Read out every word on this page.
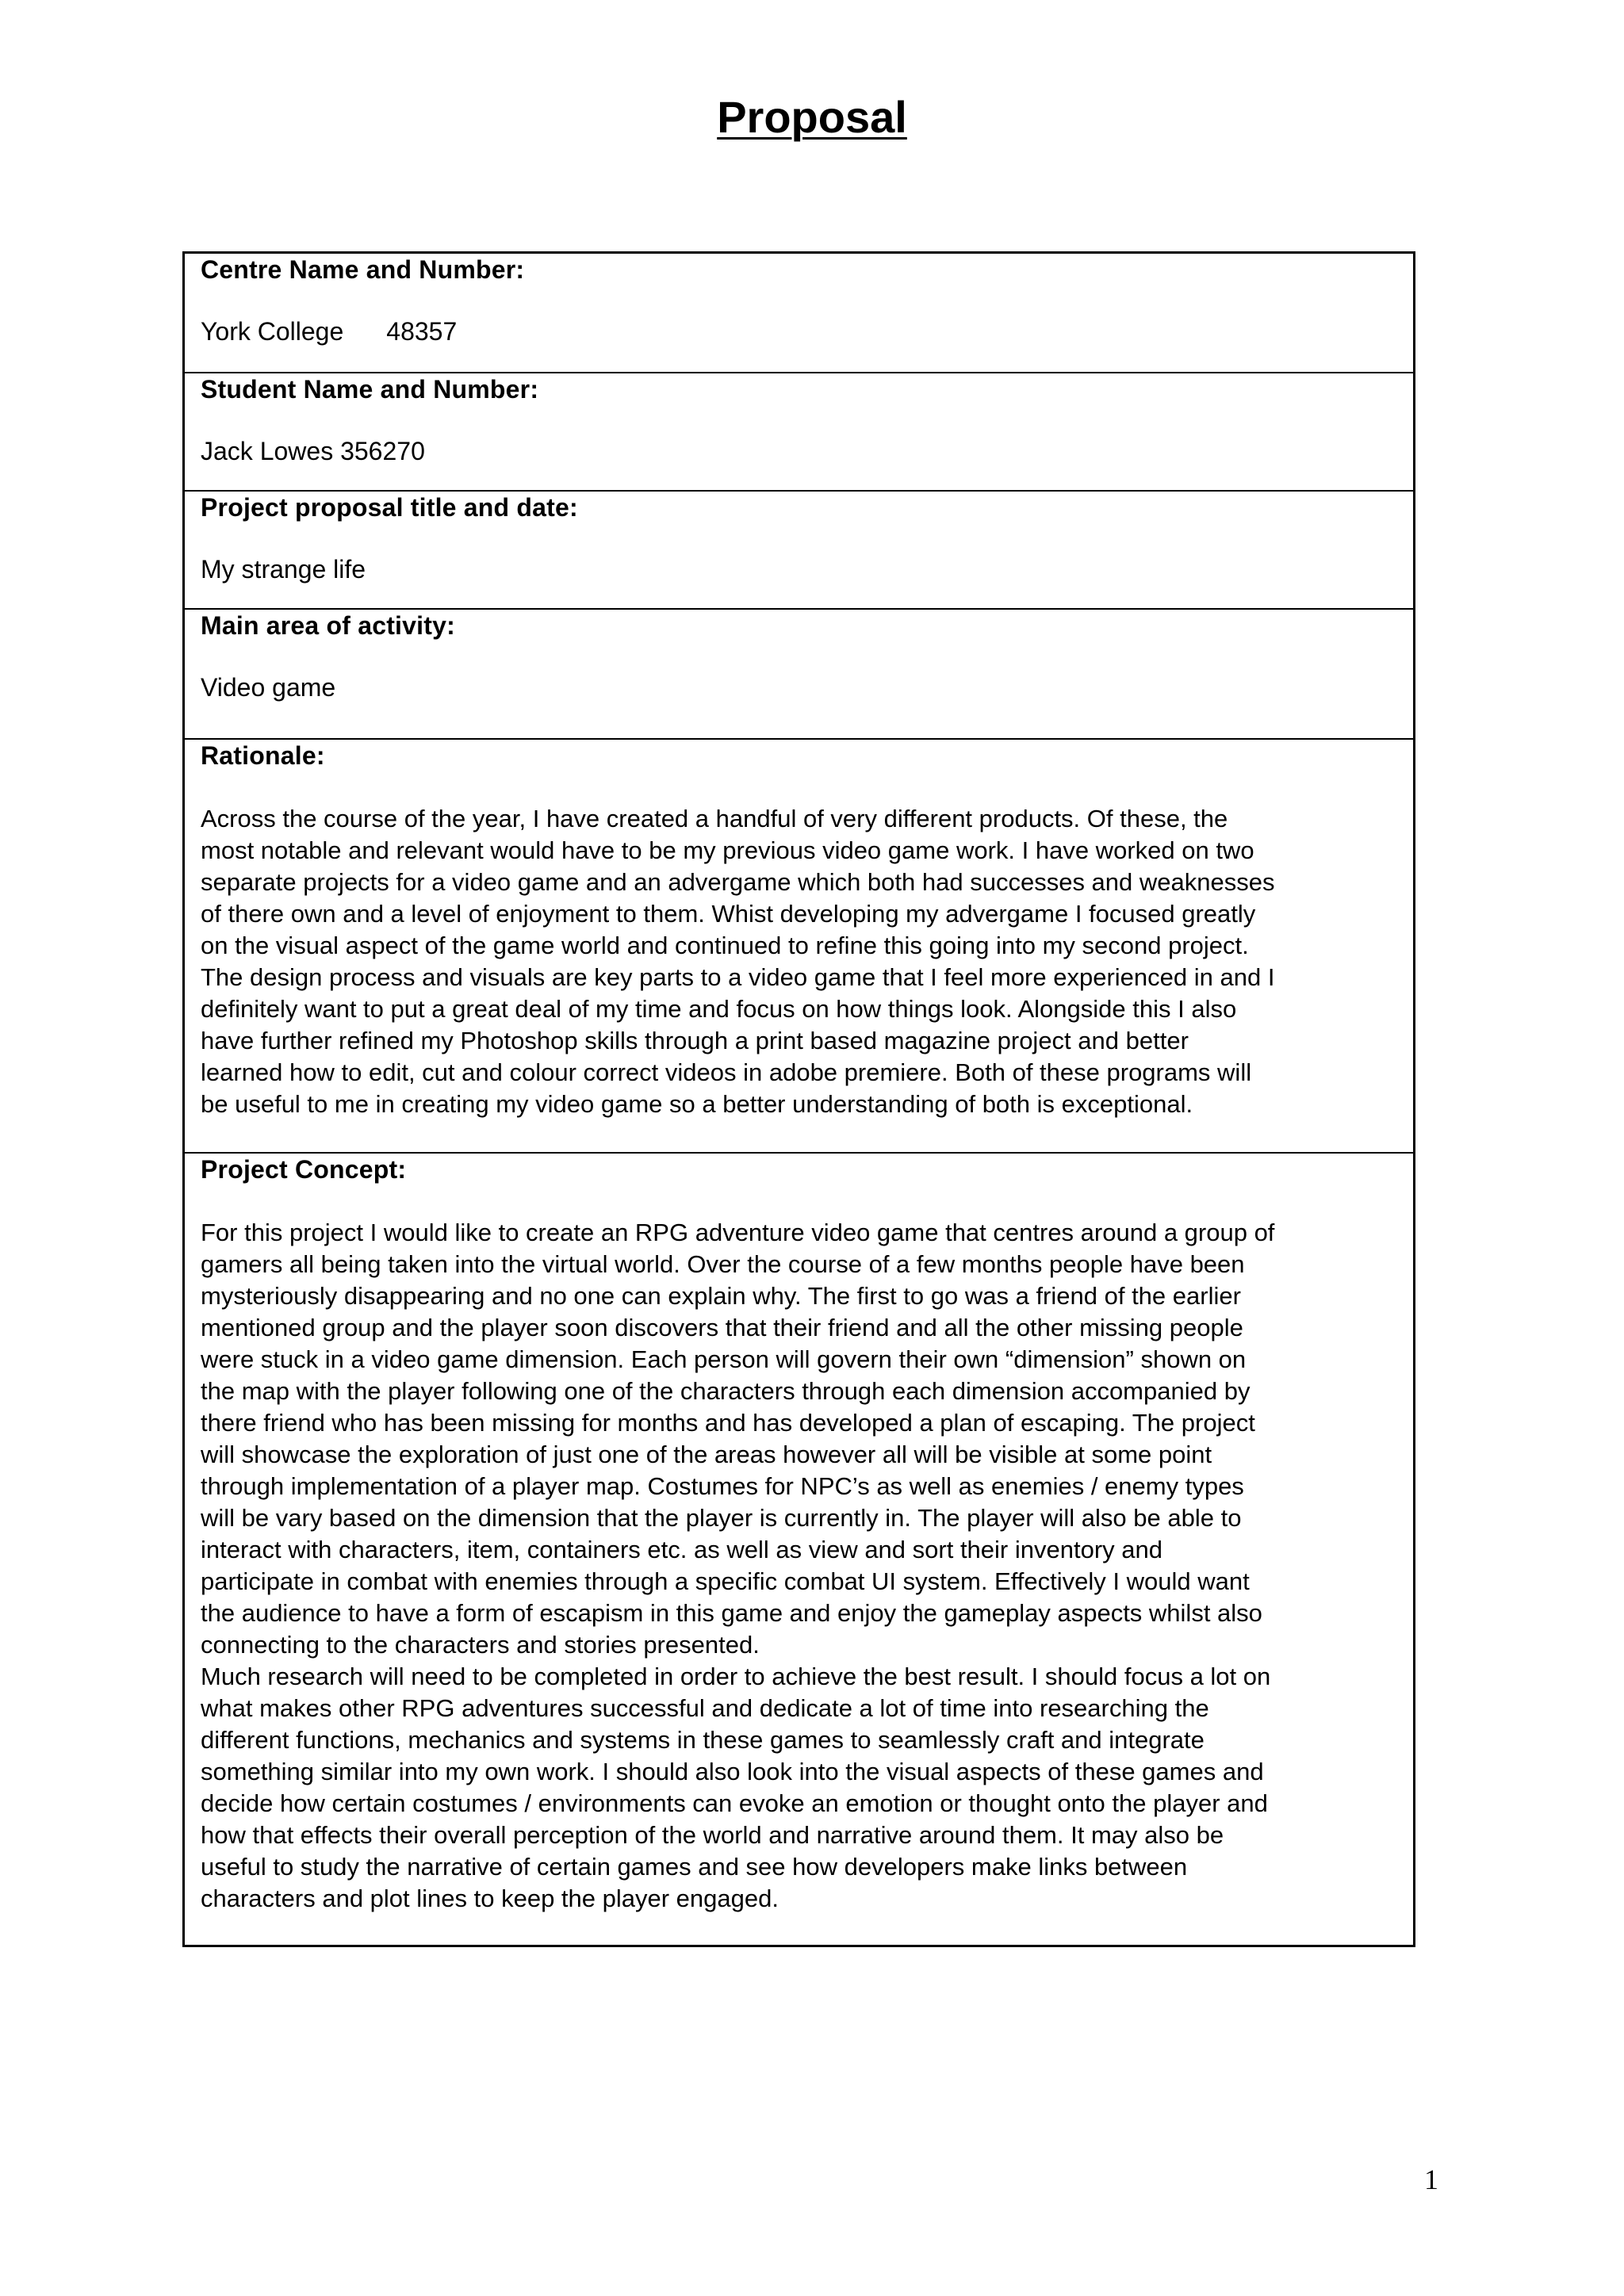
Proposal

Centre Name and Number:

York College 48357

Student Name and Number:

Jack Lowes 356270

Project proposal title and date:

My strange life

Main area of activity:

Video game

Rationale:

Across the course of the year, I have created a handful of very different products. Of these, the
most notable and relevant would have to be my previous video game work. I have worked on two
separate projects for a video game and an advergame which both had successes and weaknesses
of there own and a level of enjoyment to them. Whist developing my advergame I focused greatly
on the visual aspect of the game world and continued to refine this going into my second project.
The design process and visuals are key parts to a video game that I feel more experienced in and I
definitely want to put a great deal of my time and focus on how things look. Alongside this I also
have further refined my Photoshop skills through a print based magazine project and better
learned how to edit, cut and colour correct videos in adobe premiere. Both of these programs will
be useful to me in creating my video game so a better understanding of both is exceptional.

Project Concept:

For this project I would like to create an RPG adventure video game that centres around a group of
gamers all being taken into the virtual world. Over the course of a few months people have been
mysteriously disappearing and no one can explain why. The first to go was a friend of the earlier
mentioned group and the player soon discovers that their friend and all the other missing people
were stuck in a video game dimension. Each person will govern their own “dimension” shown on
the map with the player following one of the characters through each dimension accompanied by
there friend who has been missing for months and has developed a plan of escaping. The project
will showcase the exploration of just one of the areas however all will be visible at some point
through implementation of a player map. Costumes for NPC’s as well as enemies / enemy types
will be vary based on the dimension that the player is currently in. The player will also be able to
interact with characters, item, containers etc. as well as view and sort their inventory and
participate in combat with enemies through a specific combat UI system. Effectively I would want
the audience to have a form of escapism in this game and enjoy the gameplay aspects whilst also
connecting to the characters and stories presented.
Much research will need to be completed in order to achieve the best result. I should focus a lot on
what makes other RPG adventures successful and dedicate a lot of time into researching the
different functions, mechanics and systems in these games to seamlessly craft and integrate
something similar into my own work. I should also look into the visual aspects of these games and
decide how certain costumes / environments can evoke an emotion or thought onto the player and
how that effects their overall perception of the world and narrative around them. It may also be
useful to study the narrative of certain games and see how developers make links between
characters and plot lines to keep the player engaged.

1
